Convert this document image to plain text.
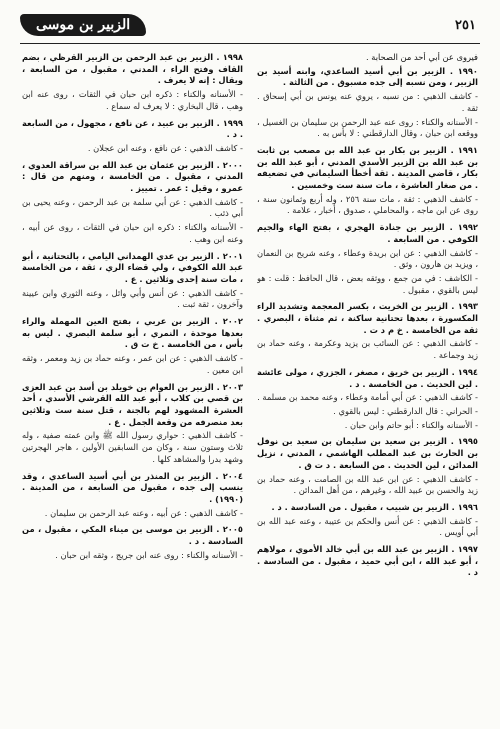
٢٥١
الزبير بن موسى

فيروى عن أبي أحد من الصحابة .

١٩٩٠ . الزبير بن أبي أسيد الساعدي، وابنه أسيد بن الزبير ، ومن نسبه إلى جده مسبوق . من الثالثة .

- كاشف الذهبي : من نسبه ، يروي عنه يونس بن أبي إسحاق . ثقة .

- الأسنانه والكناء : روى عنه عبد الرحمن بن سليمان بن الغسيل ، ووقعه ابن حبان ، وقال الدارقطني : لا بأس به .

١٩٩١ . الزبير بن بكار بن عبد الله بن مصعب بن ثابت بن عبد الله بن الزبير الأسدي المدني ، أبو عبد الله بن بكار ، قاضي المدينة . ثقة أخطأ السليماني في تضعيفه . من صغار العاشرة ، مات سنة ست وخمسين .

- كاشف الذهبي : ثقة ، مات سنة ٢٥٦ ، وله أربع وثمانون سنة ، روى عن ابن ماجه ، والمحاملي ، صدوق ، أخبار ، علامة .

١٩٩٢ . الزبير بن جنادة الهجري ، بفتح الهاء والجيم الكوفي . من السابعة .

- كاشف الذهبي : عن ابن بريدة وعطاء ، وعنه شريح بن النعمان ، ويزيد بن هارون ، وثق .

- الكاشف : في من جمع ، ووثقه بعض ، قال الحافظ : قلت : هو ليس بالقوي ، مقبول .

١٩٩٣ . الزبير بن الخريت ، بكسر المعجمة وتشديد الراء المكسورة ، بعدها تحتانية ساكنة ، ثم مثناة ، البصري . ثقة من الخامسة . خ م د ت .

- كاشف الذهبي : عن السائب بن يزيد وعكرمة ، وعنه حماد بن زيد وجماعة .

١٩٩٤ . الزبير بن خريق ، مصغر ، الجزري ، مولى عائشة . لين الحديث . من الخامسة . د .

- كاشف الذهبي : عن أبي أمامة وعطاء ، وعنه محمد بن مسلمة .

- الحراني : قال الدارقطني : ليس بالقوي .

- الأسنانه والكناء : أبو حاتم وابن حبان .

١٩٩٥ . الزبير بن سعيد بن سليمان بن سعيد بن نوفل بن الحارث بن عبد المطلب الهاشمي ، المدني ، نزيل المدائن ، لين الحديث . من السابعة . د ت ق .

- كاشف الذهبي : عن ابن عبد الله بن الصامت ، وعنه حماد بن زيد والحسن بن عبيد الله ، وغيرهم ، من أهل المدائن .

١٩٩٦ . الزبير بن شبيب ، مقبول . من السادسة . د .

- كاشف الذهبي : عن أنس والحكم بن عتيبة ، وعنه عبد الله بن أبي أويس .

١٩٩٧ . الزبير بن عبد الله بن أبي خالد الأموي ، مولاهم ، أبو عبد الله ، ابن أبي حميد ، مقبول . من السادسة . د .

١٩٩٨ . الزبير بن عبد الرحمن بن الزبير القرظي ، بضم القاف وفتح الراء ، المدني ، مقبول ، من السابعة ، ويقال : إنه لا يعرف .

- الأسنانه والكناء : ذكره ابن حبان في الثقات ، روى عنه ابن وهب ، قال البخاري : لا يعرف له سماع .

١٩٩٩ . الزبير بن عبيد ، عن نافع ، مجهول ، من السابعة . د .

- كاشف الذهبي : عن نافع ، وعنه ابن عجلان .

٢٠٠٠ . الزبير بن عثمان بن عبد الله بن سراقة العدوي ، المدني ، مقبول . من الخامسة ، ومنهم من قال : عمرو ، وقيل : عمر . تمييز .

- كاشف الذهبي : عن أبي سلمة بن عبد الرحمن ، وعنه يحيى بن أبي ذئب .

- الأسنانه والكناء : ذكره ابن حبان في الثقات ، روى عن أبيه ، وعنه ابن وهب .

٢٠٠١ . الزبير بن عدي الهمداني اليامي ، بالتحتانية ، أبو عبد الله الكوفي ، ولي قضاء الري ، ثقة ، من الخامسة ، مات سنة إحدى وثلاثين . ع .

- كاشف الذهبي : عن أنس وأبي وائل ، وعنه الثوري وابن عيينة وآخرون ، ثقة ثبت .

٢٠٠٢ . الزبير بن عربي ، بفتح العين المهملة والراء بعدها موحدة ، النمري ، أبو سلمة البصري . ليس به بأس ، من الخامسة . خ ت ق .

- كاشف الذهبي : عن ابن عمر ، وعنه حماد بن زيد ومعمر ، وثقه ابن معين .

٢٠٠٣ . الزبير بن العوام بن خويلد بن أسد بن عبد العزى بن قصي بن كلاب ، أبو عبد الله القرشي الأسدي ، أحد العشرة المشهود لهم بالجنة ، قتل سنة ست وثلاثين بعد منصرفه من وقعة الجمل . ع .

- كاشف الذهبي : حواري رسول الله ﷺ وابن عمته صفية ، وله ثلاث وستون سنة ، وكان من السابقين الأولين ، هاجر الهجرتين وشهد بدرا والمشاهد كلها .

٢٠٠٤ . الزبير بن المنذر بن أبي أسيد الساعدي ، وقد ينسب إلى جده ، مقبول من السابعة ، من المدينة . (١٩٩٠) .

- كاشف الذهبي : عن أبيه ، وعنه عبد الرحمن بن سليمان .

٢٠٠٥ . الزبير بن موسى بن ميناء المكي ، مقبول ، من السادسة . د .

- الأسنانه والكناء : روى عنه ابن جريج ، وثقه ابن حبان .
